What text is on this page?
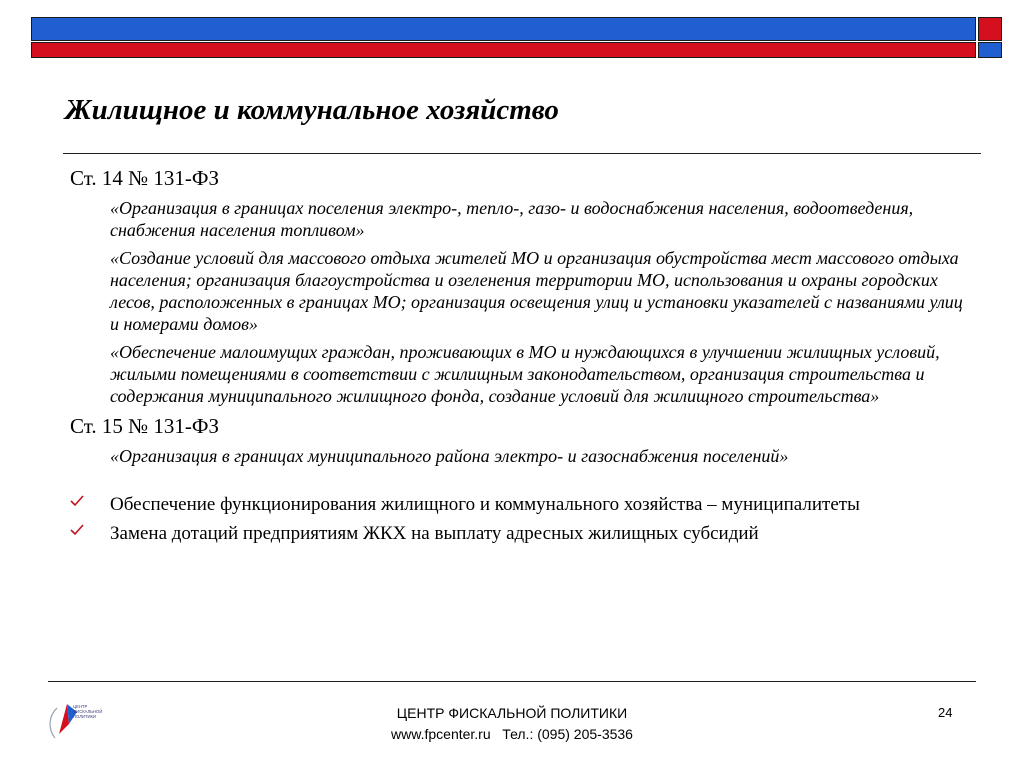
Жилищное и коммунальное хозяйство
Ст. 14 № 131-ФЗ
«Организация в границах поселения электро-, тепло-, газо- и водоснабжения населения, водоотведения, снабжения населения топливом»
«Создание условий для массового отдыха жителей МО и организация обустройства мест массового отдыха населения; организация благоустройства и озеленения территории МО, использования и охраны городских лесов, расположенных в границах МО; организация освещения улиц и установки указателей с названиями улиц и номерами домов»
«Обеспечение малоимущих граждан, проживающих в МО и нуждающихся в улучшении жилищных условий, жилыми помещениями в соответствии с жилищным законодательством, организация строительства и содержания муниципального жилищного фонда, создание условий для жилищного строительства»
Ст. 15 № 131-ФЗ
«Организация в границах муниципального района электро- и газоснабжения поселений»
Обеспечение функционирования жилищного и коммунального хозяйства – муниципалитеты
Замена дотаций предприятиям ЖКХ на выплату адресных жилищных субсидий
ЦЕНТР
ФИСКАЛЬНОЙ
ПОЛИТИКИ	ЦЕНТР ФИСКАЛЬНОЙ ПОЛИТИКИ
www.fpcenter.ru   Тел.: (095) 205-3536
24
